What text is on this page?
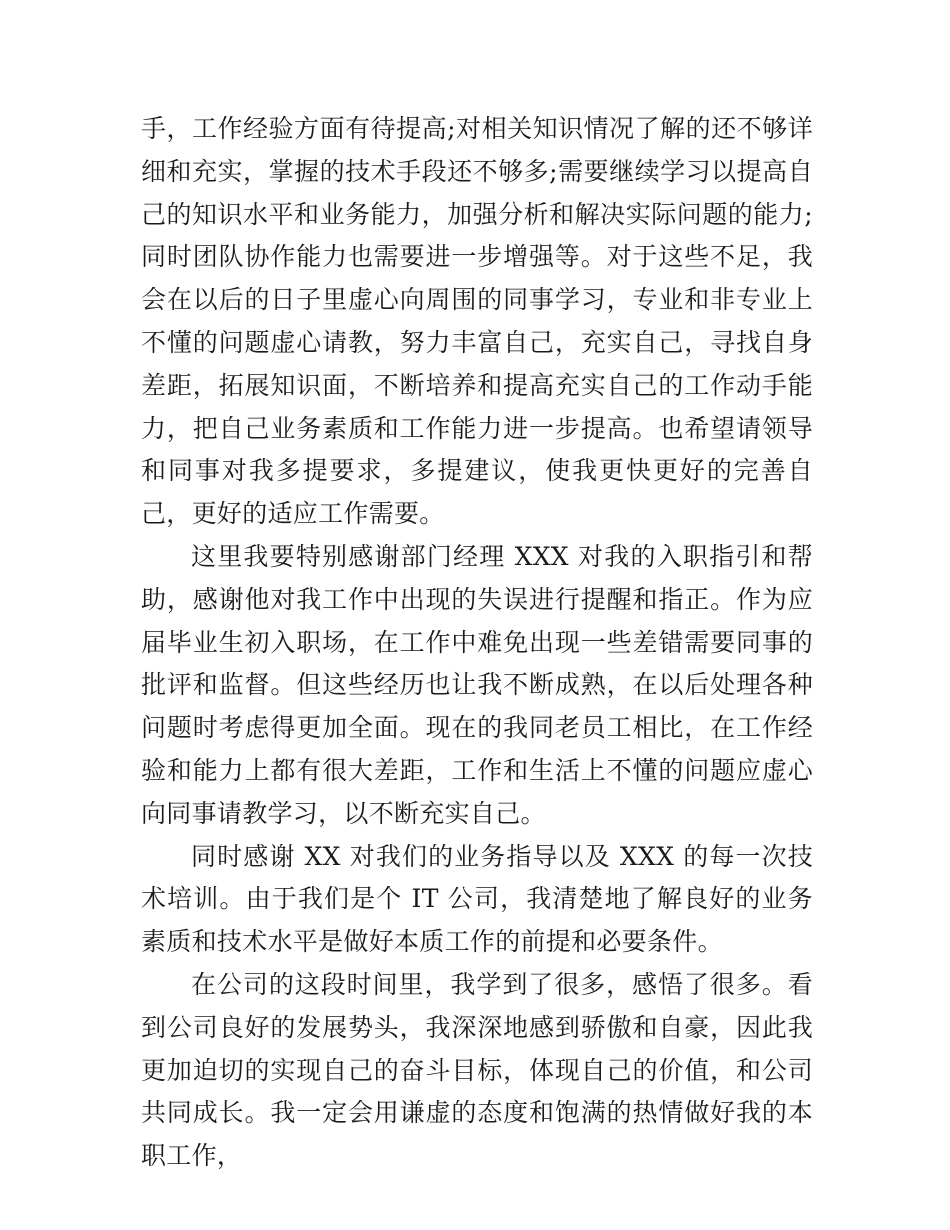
手，工作经验方面有待提高;对相关知识情况了解的还不够详细和充实，掌握的技术手段还不够多;需要继续学习以提高自己的知识水平和业务能力，加强分析和解决实际问题的能力;同时团队协作能力也需要进一步增强等。对于这些不足，我会在以后的日子里虚心向周围的同事学习，专业和非专业上不懂的问题虚心请教，努力丰富自己，充实自己，寻找自身差距，拓展知识面，不断培养和提高充实自己的工作动手能力，把自己业务素质和工作能力进一步提高。也希望请领导和同事对我多提要求，多提建议，使我更快更好的完善自己，更好的适应工作需要。

这里我要特别感谢部门经理 XXX 对我的入职指引和帮助，感谢他对我工作中出现的失误进行提醒和指正。作为应届毕业生初入职场，在工作中难免出现一些差错需要同事的批评和监督。但这些经历也让我不断成熟，在以后处理各种问题时考虑得更加全面。现在的我同老员工相比，在工作经验和能力上都有很大差距，工作和生活上不懂的问题应虚心向同事请教学习，以不断充实自己。

同时感谢 XX 对我们的业务指导以及 XXX 的每一次技术培训。由于我们是个 IT 公司，我清楚地了解良好的业务素质和技术水平是做好本质工作的前提和必要条件。

在公司的这段时间里，我学到了很多，感悟了很多。看到公司良好的发展势头，我深深地感到骄傲和自豪，因此我更加迫切的实现自己的奋斗目标，体现自己的价值，和公司共同成长。我一定会用谦虚的态度和饱满的热情做好我的本职工作，
